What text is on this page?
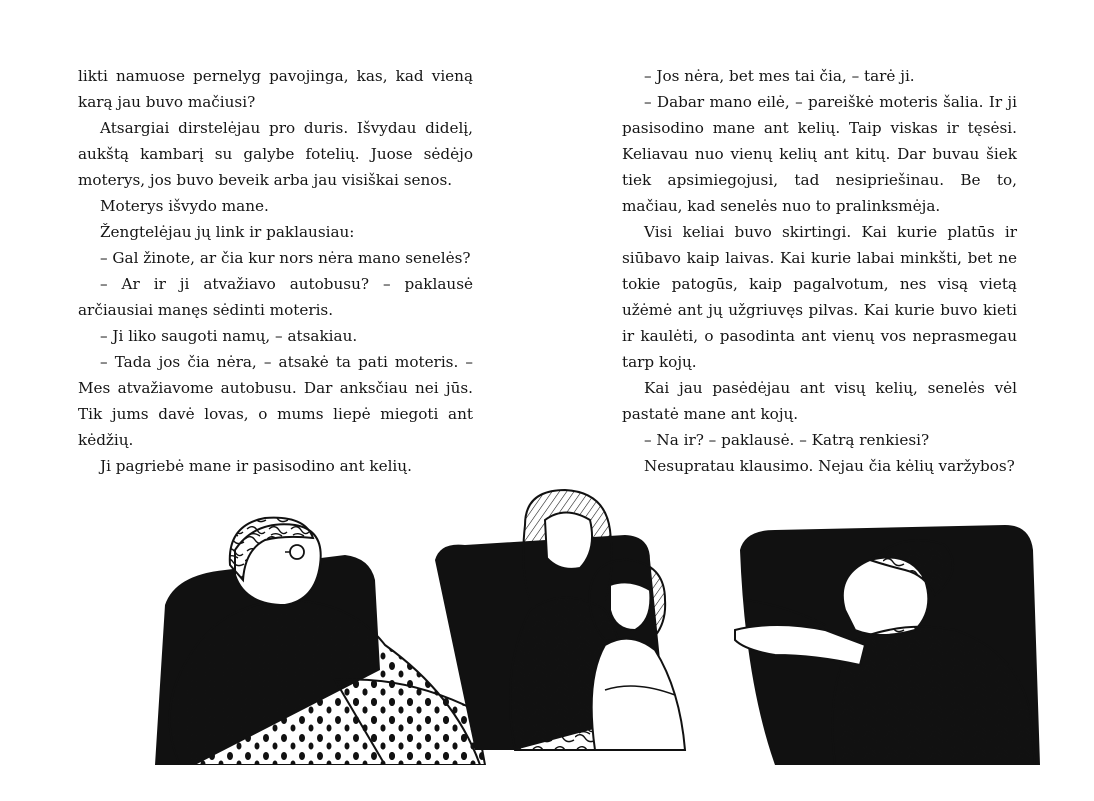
likti namuose pernelyg pavojinga, kas, kad vieną karą jau buvo mačiusi?

Atsargiai dirstelėjau pro duris. Išvydau didelį, aukštą kambarį su galybe fotelių. Juose sėdėjo moterys, jos buvo beveik arba jau visiškai senos.

Moterys išvydo mane.

Žengtelėjau jų link ir paklausiau:

– Gal žinote, ar čia kur nors nėra mano senelės?

– Ar ir ji atvažiavo autobusu? – paklausė arčiausiai manęs sėdinti moteris.

– Ji liko saugoti namų, – atsakiau.

– Tada jos čia nėra, – atsakė ta pati moteris. – Mes atvažiavome autobusu. Dar anksčiau nei jūs. Tik jums davė lovas, o mums liepė miegoti ant kėdžių.

Ji pagriebė mane ir pasisodino ant kelių.

– Jos nėra, bet mes tai čia, – tarė ji.

– Dabar mano eilė, – pareiškė moteris šalia. Ir ji pasisodino mane ant kelių. Taip viskas ir tęsėsi. Keliavau nuo vienų kelių ant kitų. Dar buvau šiek tiek apsimiegojusi, tad nesipriešinau. Be to, mačiau, kad senelės nuo to pralinksmėja.

Visi keliai buvo skirtingi. Kai kurie platūs ir siūbavo kaip laivas. Kai kurie labai minkšti, bet ne tokie patogūs, kaip pagalvotum, nes visą vietą užėmė ant jų užgriuvęs pilvas. Kai kurie buvo kieti ir kaulėti, o pasodinta ant vienų vos neprasmegau tarp kojų.

Kai jau pasėdėjau ant visų kelių, senelės vėl pastatė mane ant kojų.

– Na ir? – paklausė. – Katrą renkiesi?

Nesupratau klausimo. Nejau čia kėlių varžybos?
